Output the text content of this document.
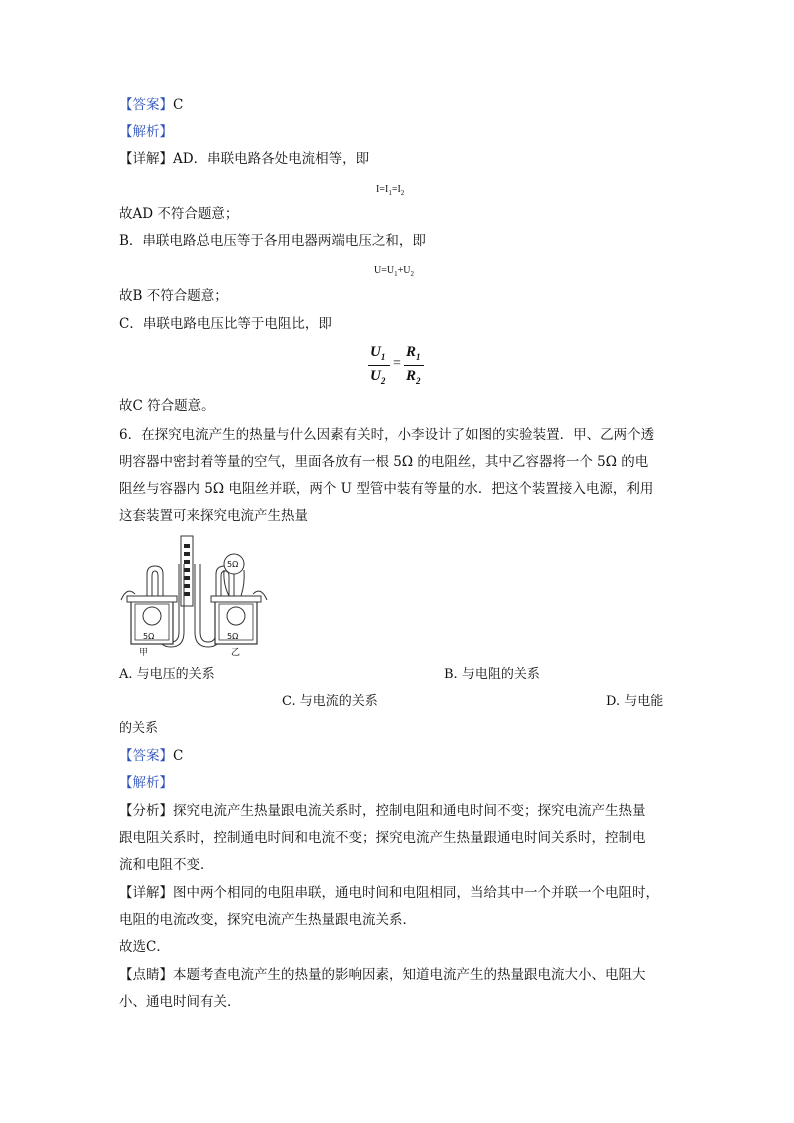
【答案】C
【解析】
【详解】AD．串联电路各处电流相等，即
$I=I_1=I_2$
故AD 不符合题意；
B．串联电路总电压等于各用电器两端电压之和，即
$U=U_1+U_2$
故B 不符合题意；
C．串联电路电压比等于电阻比，即
$U_1$
$U_2$
=
$R_1$
$R_2$
故C 符合题意。
6．在探究电流产生的热量与什么因素有关时，小李设计了如图的实验装置．甲、乙两个透
明容器中密封着等量的空气，里面各放有一根 5Ω 的电阻丝，其中乙容器将一个 5Ω 的电
阻丝与容器内 5Ω 电阻丝并联，两个 U 型管中装有等量的水．把这个装置接入电源，利用
这套装置可来探究电流产生热量
5Ω
甲
5Ω
乙
5Ω
A. 与电压的关系	B. 与电阻的关系
C. 与电流的关系	D. 与电能
的关系
【答案】C
【解析】
【分析】探究电流产生热量跟电流关系时，控制电阻和通电时间不变；探究电流产生热量
跟电阻关系时，控制通电时间和电流不变；探究电流产生热量跟通电时间关系时，控制电
流和电阻不变．
【详解】图中两个相同的电阻串联，通电时间和电阻相同，当给其中一个并联一个电阻时，
电阻的电流改变，探究电流产生热量跟电流关系．
故选C．
【点睛】本题考查电流产生的热量的影响因素，知道电流产生的热量跟电流大小、电阻大
小、通电时间有关．
